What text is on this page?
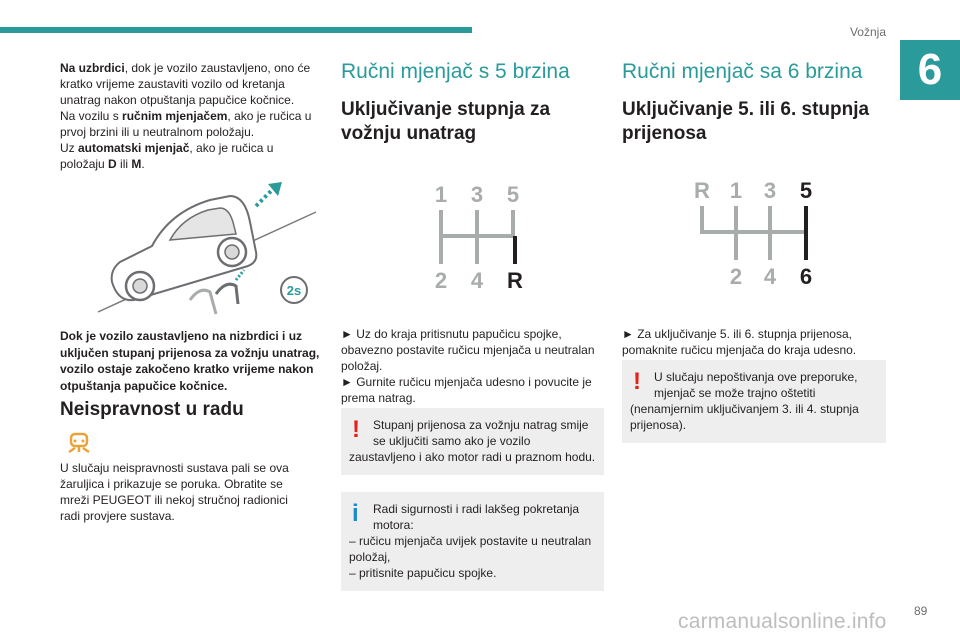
Vožnja
6

Na uzbrdici, dok je vozilo zaustavljeno, ono će kratko vrijeme zaustaviti vozilo od kretanja unatrag nakon otpuštanja papučice kočnice.
Na vozilu s ručnim mjenjačem, ako je ručica u prvoj brzini ili u neutralnom položaju.
Uz automatski mjenjač, ako je ručica u položaju D ili M.

2s

Dok je vozilo zaustavljeno na nizbrdici i uz uključen stupanj prijenosa za vožnju unatrag, vozilo ostaje zakočeno kratko vrijeme nakon otpuštanja papučice kočnice.

Neispravnost u radu

U slučaju neispravnosti sustava pali se ova žaruljica i prikazuje se poruka. Obratite se mreži PEUGEOT ili nekoj stručnoj radionici radi provjere sustava.

Ručni mjenjač s 5 brzina
Uključivanje stupnja za vožnju unatrag
1 3 5
2 4 R

► Uz do kraja pritisnutu papučicu spojke, obavezno postavite ručicu mjenjača u neutralan položaj.

► Gurnite ručicu mjenjača udesno i povucite je prema natrag.

!	Stupanj prijenosa za vožnju natrag smije se uključiti samo ako je vozilo
zaustavljeno i ako motor radi u praznom hodu.
i	Radi sigurnosti i radi lakšeg pokretanja motora:
– ručicu mjenjača uvijek postavite u neutralan položaj,
– pritisnite papučicu spojke.
Ručni mjenjač sa 6 brzina
Uključivanje 5. ili 6. stupnja prijenosa
R 1 3
2 4
5
6

► Za uključivanje 5. ili 6. stupnja prijenosa, pomaknite ručicu mjenjača do kraja udesno.

!	U slučaju nepoštivanja ove preporuke, mjenjač se može trajno oštetiti
(nenamjernim uključivanjem 3. ili 4. stupnja prijenosa).
carmanualsonline.info 89
